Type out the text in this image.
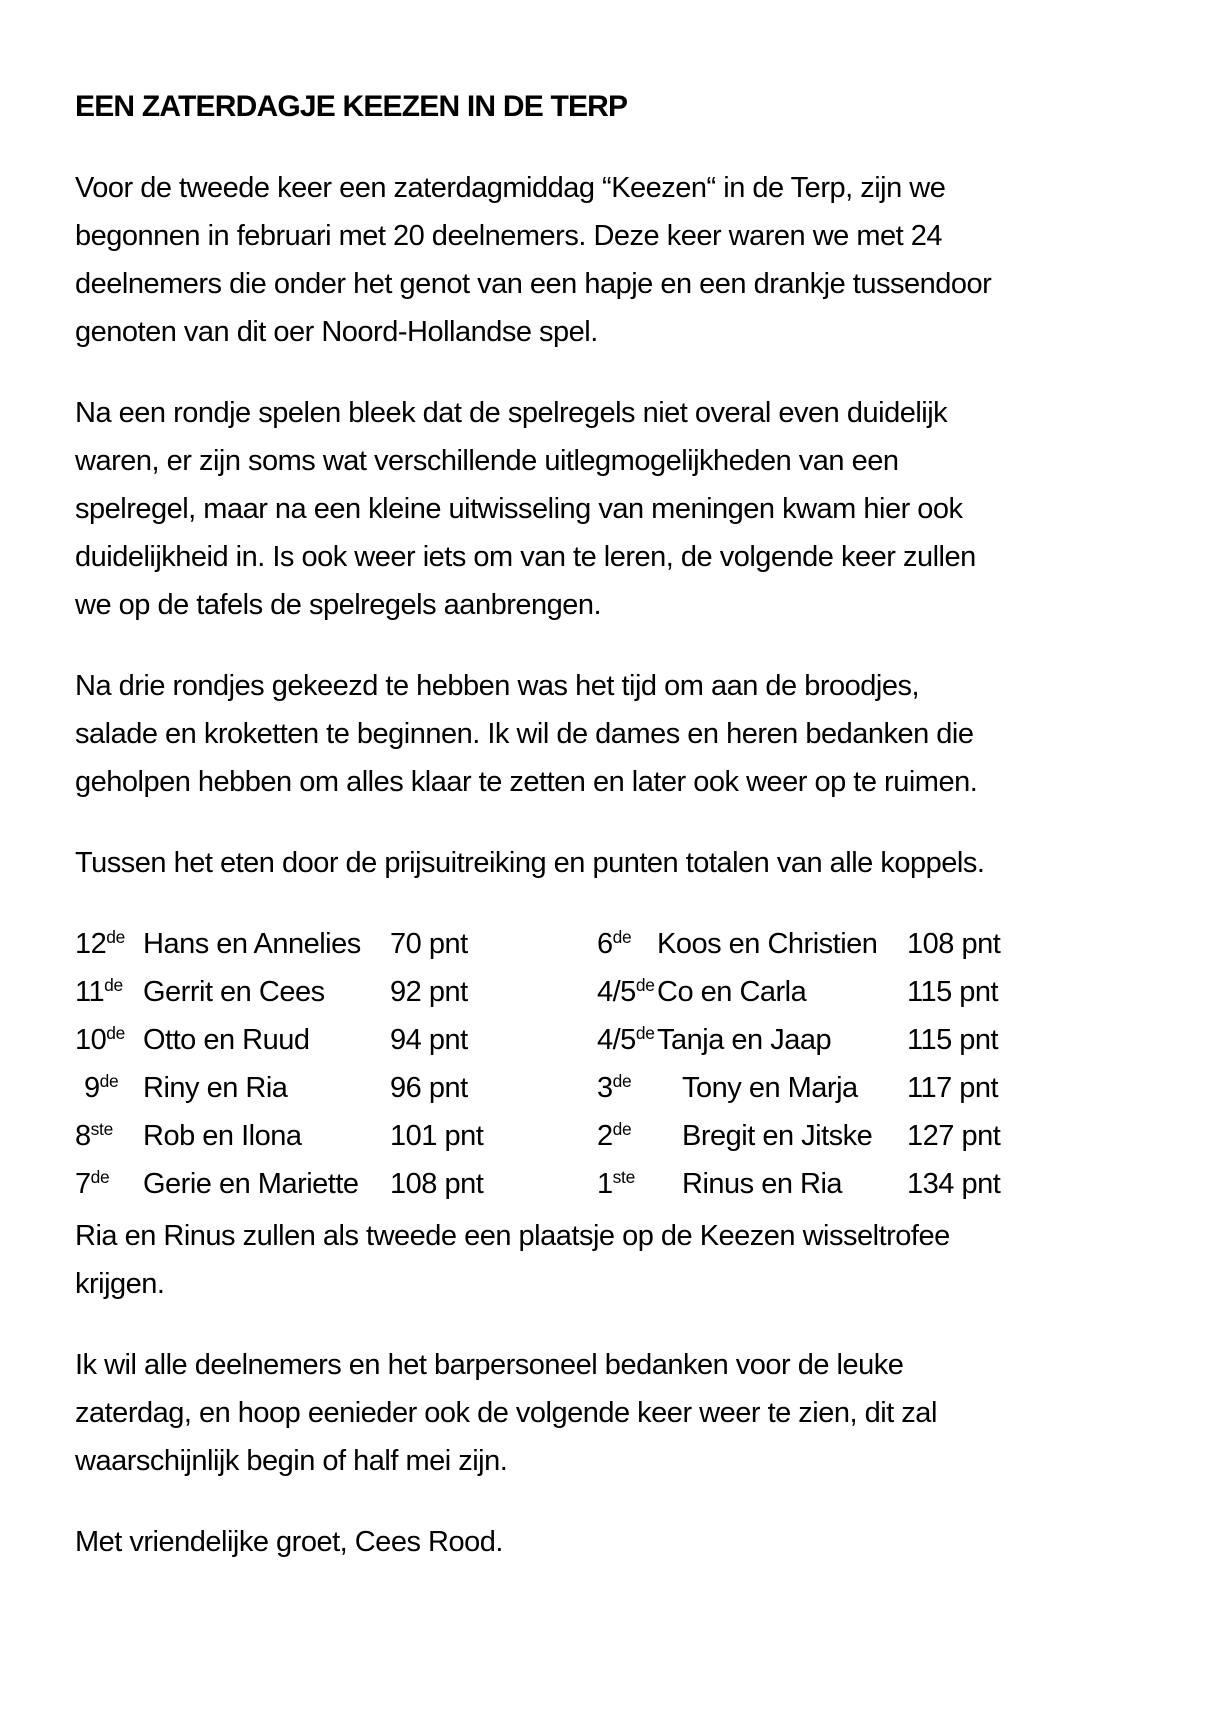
EEN ZATERDAGJE KEEZEN IN DE TERP
Voor de tweede keer een zaterdagmiddag “Keezen“ in de Terp, zijn we
begonnen in februari met 20 deelnemers. Deze keer waren we met 24
deelnemers die onder het genot van een hapje en een drankje tussendoor
genoten van dit oer Noord-Hollandse spel.
Na een rondje spelen bleek dat de spelregels niet overal even duidelijk
waren, er zijn soms wat verschillende uitlegmogelijkheden van een
spelregel, maar na een kleine uitwisseling van meningen kwam hier ook
duidelijkheid in. Is ook weer iets om van te leren, de volgende keer zullen
we op de tafels de spelregels aanbrengen.
Na drie rondjes gekeezd te hebben was het tijd om aan de broodjes,
salade en kroketten te beginnen. Ik wil de dames en heren bedanken die
geholpen hebben om alles klaar te zetten en later ook weer op te ruimen.
Tussen het eten door de prijsuitreiking en punten totalen van alle koppels.
12de Hans en Annelies	70 pnt
11de Gerrit en Cees	92 pnt
10de Otto en Ruud	94 pnt
9de Riny en Ria	96 pnt
8ste	Rob en Ilona	101 pnt
7de	Gerie en Mariette	108 pnt
6de Koos en Christien	108 pnt
4/5de Co en Carla	115 pnt
4/5de Tanja en Jaap	115 pnt
3de	Tony en Marja	117 pnt
2de	Bregit en Jitske	127 pnt
1ste	Rinus en Ria	134 pnt
Ria en Rinus zullen als tweede een plaatsje op de Keezen wisseltrofee
krijgen.
Ik wil alle deelnemers en het barpersoneel bedanken voor de leuke
zaterdag, en hoop eenieder ook de volgende keer weer te zien, dit zal
waarschijnlijk begin of half mei zijn.
Met vriendelijke groet, Cees Rood.
